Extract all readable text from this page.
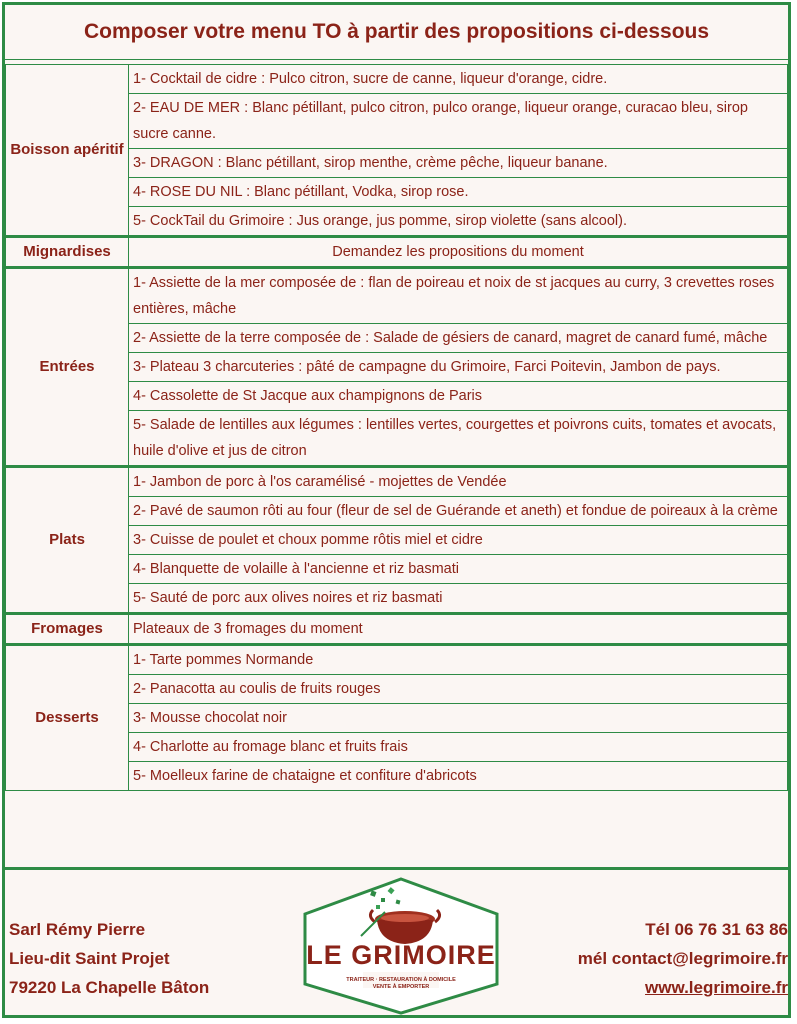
Composer votre menu TO à partir des propositions ci-dessous
Boisson apéritif	1- Cocktail de cidre : Pulco citron, sucre de canne, liqueur d'orange, cidre.
	2- EAU DE MER : Blanc pétillant, pulco citron, pulco orange, liqueur orange, curacao bleu, sirop sucre canne.
	3- DRAGON : Blanc pétillant, sirop menthe, crème pêche, liqueur banane.
	4- ROSE DU NIL : Blanc pétillant, Vodka, sirop rose.
	5- CockTail du Grimoire : Jus orange, jus pomme, sirop violette (sans alcool).
Mignardises	Demandez les propositions du moment
Entrées	1- Assiette de la mer composée de : flan de poireau et noix de st jacques au curry, 3 crevettes roses entières, mâche
	2- Assiette de la terre composée de : Salade de gésiers de canard, magret de canard fumé, mâche
	3- Plateau 3 charcuteries : pâté de campagne du Grimoire, Farci Poitevin, Jambon de pays.
	4- Cassolette de St Jacque aux champignons de Paris
	5- Salade de lentilles aux légumes : lentilles vertes, courgettes et poivrons cuits, tomates et avocats, huile d'olive et jus de citron
Plats	1- Jambon de porc à l'os caramélisé - mojettes de Vendée
	2- Pavé de saumon rôti au four (fleur de sel de Guérande et aneth) et fondue de poireaux à la crème
	3- Cuisse de poulet et choux pomme rôtis miel et cidre
	4- Blanquette de volaille à l'ancienne et riz basmati
	5- Sauté de porc aux olives noires et riz basmati
Fromages	Plateaux de 3 fromages du moment
Desserts	1- Tarte pommes Normande
	2- Panacotta au coulis de fruits rouges
	3- Mousse chocolat noir
	4- Charlotte au fromage blanc et fruits frais
	5- Moelleux farine de chataigne et confiture d'abricots
Sarl Rémy Pierre
Lieu-dit Saint Projet
79220 La Chapelle Bâton
LE GRIMOIRE
TRAITEUR · RESTAURATION À DOMICILE
VENTE À EMPORTER
Tél 06 76 31 63 86
mél contact@legrimoire.fr
www.legrimoire.fr
